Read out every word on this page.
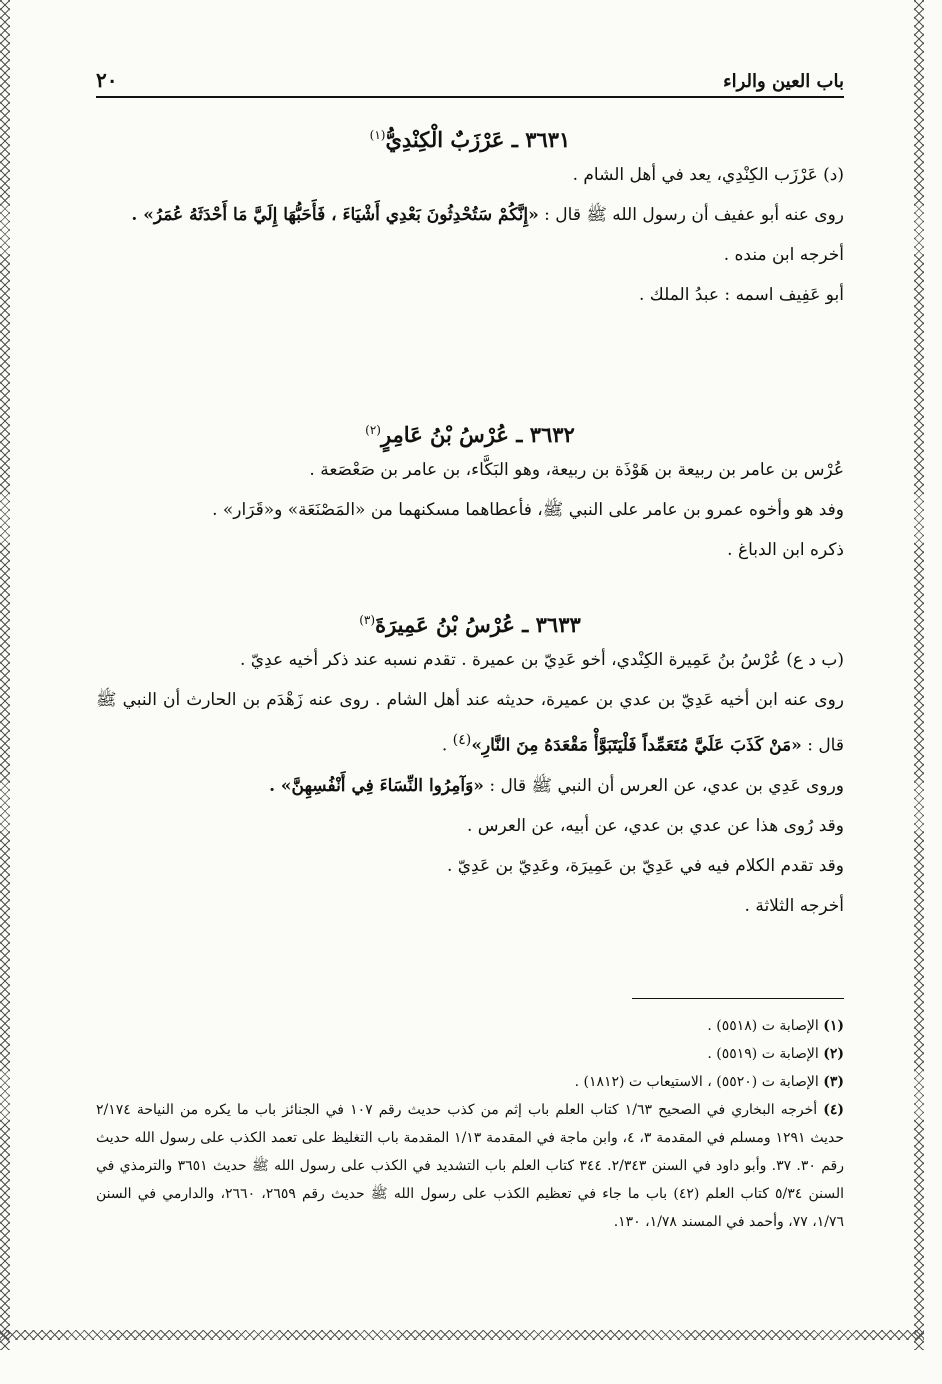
باب العين والراء
٢٠
٣٦٣١ ـ عَرْزَبٌ الْكِنْدِيُّ$^{(١)}$

(د) عَرْزَب الكِنْدِي، يعد في أهل الشام .

روى عنه أبو عفيف أن رسول الله ﷺ قال : «إِنَّكُمْ سَتُحْدِثُونَ بَعْدِي أَشْيَاءَ ، فَأَحَبُّهَا إِلَيَّ مَا أَحْدَثَهُ عُمَرُ» .

أخرجه ابن منده .

أبو عَفِيف اسمه : عبدُ الملك .

٣٦٣٢ ـ عُرْسُ بْنُ عَامِرٍ$^{(٢)}$

عُرْس بن عامر بن ربيعة بن هَوْذَة بن ربيعة، وهو البَكَّاء، بن عامر بن صَعْصَعة .

وفد هو وأخوه عمرو بن عامر على النبي ﷺ، فأعطاهما مسكنهما من «المَصْنَعَة» و«قَرَار» .

ذكره ابن الدباغ .

٣٦٣٣ ـ عُرْسُ بْنُ عَمِيرَةَ$^{(٣)}$

(ب د ع) عُرْسُ بنُ عَمِيرة الكِنْدي، أخو عَدِيّ بن عميرة . تقدم نسبه عند ذكر أخيه عدِيّ .

روى عنه ابن أخيه عَدِيّ بن عدي بن عميرة، حديثه عند أهل الشام . روى عنه زَهْدَم بن الحارث أن النبي ﷺ قال : «مَنْ كَذَبَ عَلَيَّ مُتَعَمِّداً فَلْيَتَبَوَّأْ مَقْعَدَهُ مِنَ النَّارِ»$^{(٤)}$ .

وروى عَدِي بن عدي، عن العرس أن النبي ﷺ قال : «وَآمِرُوا النِّسَاءَ فِي أَنْفُسِهِنَّ» .

وقد رُوى هذا عن عدي بن عدي، عن أبيه، عن العرس .

وقد تقدم الكلام فيه في عَدِيّ بن عَمِيرَة، وعَدِيّ بن عَدِيّ .

أخرجه الثلاثة .

(١) الإصابة ت (٥٥١٨) .

(٢) الإصابة ت (٥٥١٩) .

(٣) الإصابة ت (٥٥٢٠) ، الاستيعاب ت (١٨١٢) .

(٤) أخرجه البخاري في الصحيح ١/٦٣ كتاب العلم باب إثم من كذب حديث رقم ١٠٧ في الجنائز باب ما يكره من النياحة ٢/١٧٤ حديث ١٢٩١ ومسلم في المقدمة ٣، ٤، وابن ماجة في المقدمة ١/١٣ المقدمة باب التغليظ على تعمد الكذب على رسول الله حديث رقم ٣٠. ٣٧. وأبو داود في السنن ٢/٣٤٣. ٣٤٤ كتاب العلم باب التشديد في الكذب على رسول الله ﷺ حديث ٣٦٥١ والترمذي في السنن ٥/٣٤ كتاب العلم (٤٢) باب ما جاء في تعظيم الكذب على رسول الله ﷺ حديث رقم ٢٦٥٩، ٢٦٦٠، والدارمي في السنن ١/٧٦، ٧٧، وأحمد في المسند ١/٧٨، ١٣٠.
